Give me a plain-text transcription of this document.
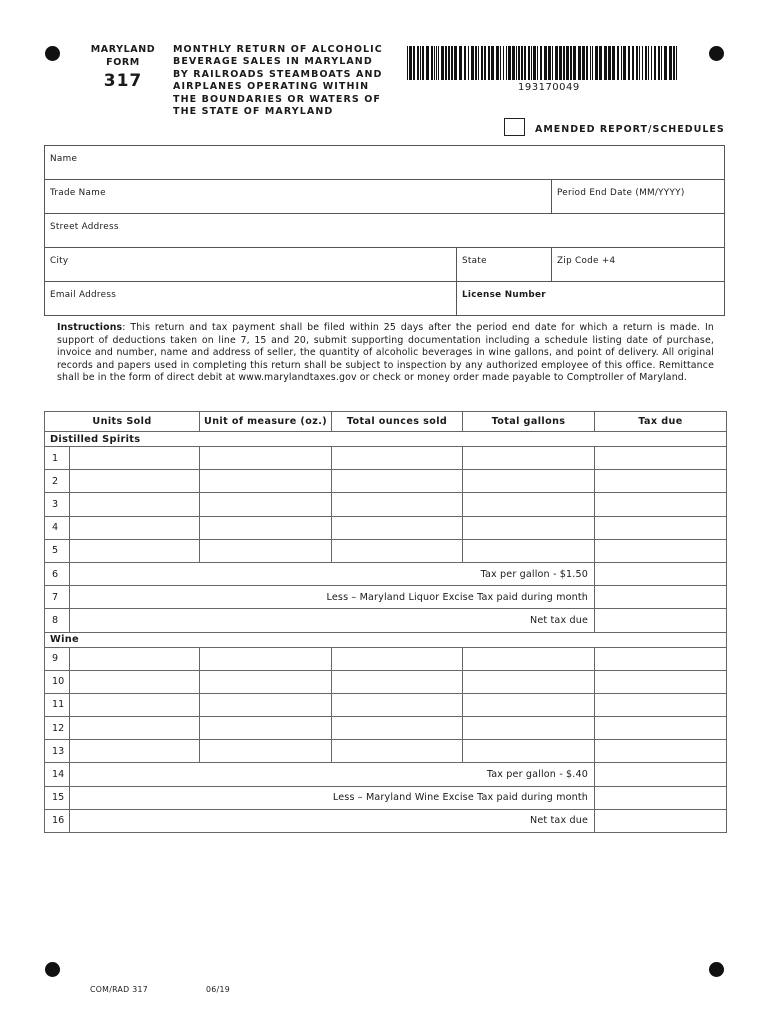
MARYLAND
FORM
317
MONTHLY RETURN OF ALCOHOLIC
BEVERAGE SALES IN MARYLAND
BY RAILROADS STEAMBOATS AND
AIRPLANES OPERATING WITHIN
THE BOUNDARIES OR WATERS OF
THE STATE OF MARYLAND
193170049
AMENDED REPORT/SCHEDULES
Name		
Trade Name		Period End Date (MM/YYYY)
Street Address		
City	State	Zip Code +4
Email Address	License Number	
Instructions: This return and tax payment shall be filed within 25 days after the period end date for which a return is made. In support of deductions taken on line 7, 15 and 20, submit supporting documentation including a schedule listing date of purchase, invoice and number, name and address of seller, the quantity of alcoholic beverages in wine gallons, and point of delivery. All original records and papers used in completing this return shall be subject to inspection by any authorized employee of this office. Remittance shall be in the form of direct debit at www.marylandtaxes.gov or check or money order made payable to Comptroller of Maryland.
Units Sold		Unit of measure (oz.)	Total ounces sold	Total gallons	Tax due
Distilled Spirits					
1					
2					
3					
4					
5					
6	Tax per gallon - $1.50				
7	Less – Maryland Liquor Excise Tax paid during month				
8	Net tax due				
Wine					
9					
10					
11					
12					
13					
14	Tax per gallon - $.40				
15	Less – Maryland Wine Excise Tax paid during month				
16	Net tax due				
COM/RAD 317	06/19
